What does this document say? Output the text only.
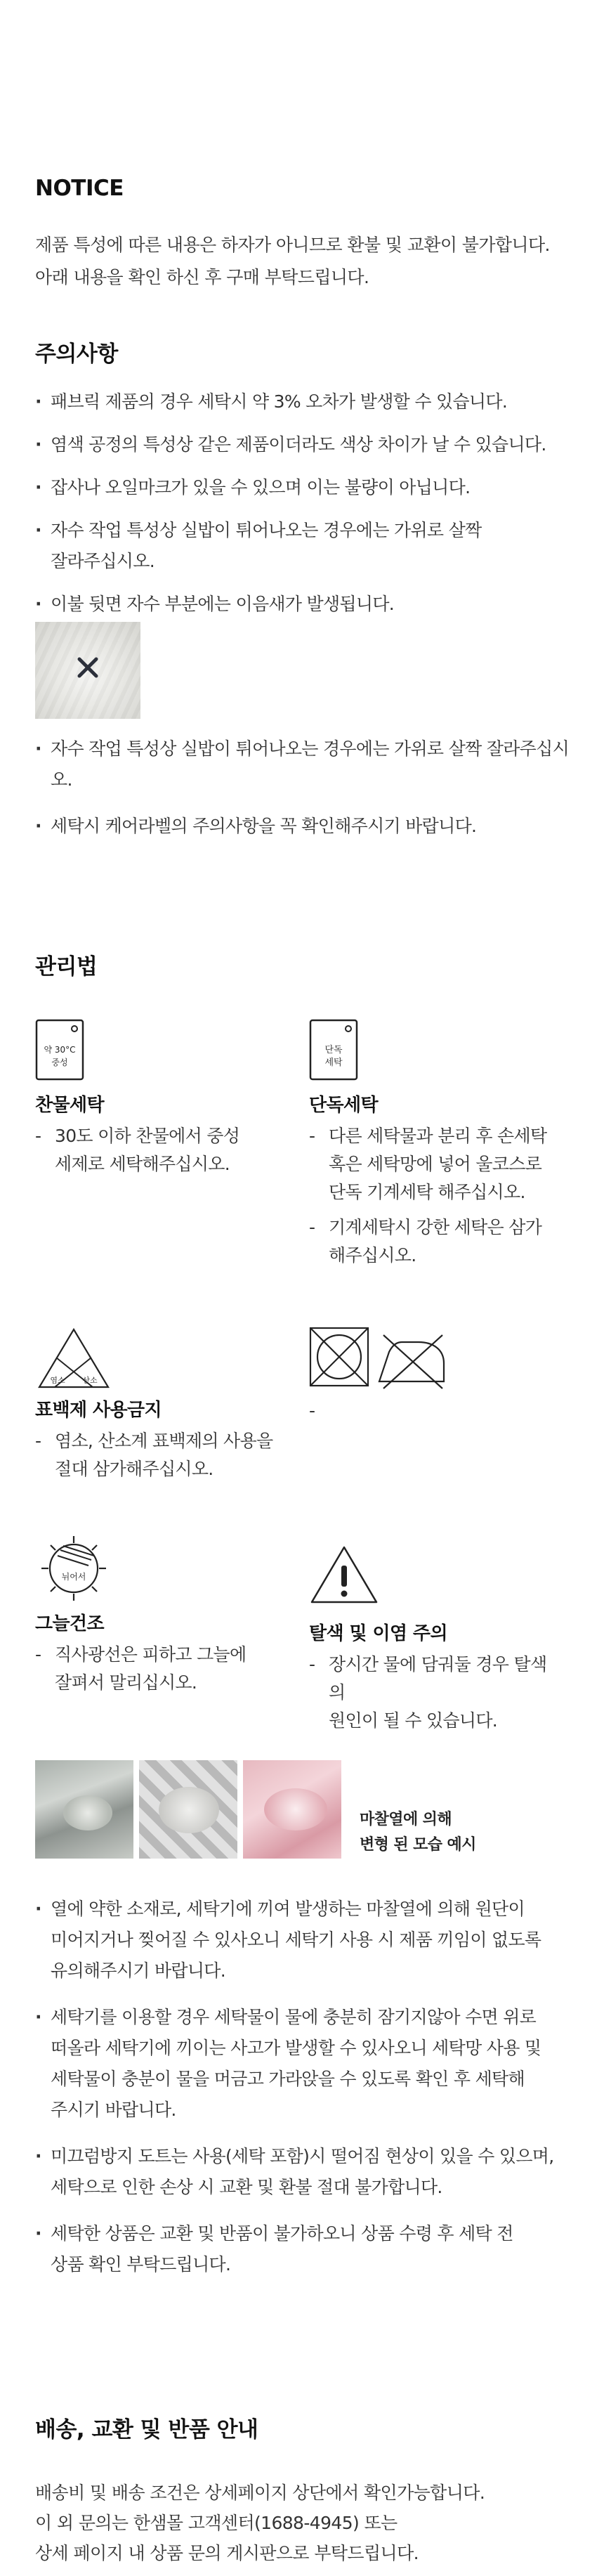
NOTICE
제품 특성에 따른 내용은 하자가 아니므로 환불 및 교환이 불가합니다.
아래 내용을 확인 하신 후 구매 부탁드립니다.
주의사항
· 패브릭 제품의 경우 세탁시 약 3% 오차가 발생할 수 있습니다.
· 염색 공정의 특성상 같은 제품이더라도 색상 차이가 날 수 있습니다.
· 잡사나 오일마크가 있을 수 있으며 이는 불량이 아닙니다.
· 자수 작업 특성상 실밥이 튀어나오는 경우에는 가위로 살짝
잘라주십시오.
· 이불 뒷면 자수 부분에는 이음새가 발생됩니다.
· 자수 작업 특성상 실밥이 튀어나오는 경우에는 가위로 살짝 잘라주십시오.
· 세탁시 케어라벨의 주의사항을 꼭 확인해주시기 바랍니다.
관리법
약 30°C
중성
찬물세탁
- 30도 이하 찬물에서 중성
세제로 세탁해주십시오.
단독
세탁
단독세탁
- 다른 세탁물과 분리 후 손세탁
혹은 세탁망에 넣어 울코스로
단독 기계세탁 해주십시오.
- 기계세탁시 강한 세탁은 삼가
해주십시오.
염소 산소
표백제 사용금지
- 염소, 산소계 표백제의 사용을
절대 삼가해주십시오.
뉘어서
그늘건조
- 직사광선은 피하고 그늘에
잘펴서 말리십시오.
탈색 및 이염 주의
- 장시간 물에 담궈둘 경우 탈색의
원인이 될 수 있습니다.
마찰열에 의해
변형 된 모습 예시
· 열에 약한 소재로, 세탁기에 끼여 발생하는 마찰열에 의해 원단이
미어지거나 찢어질 수 있사오니 세탁기 사용 시 제품 끼임이 없도록
유의해주시기 바랍니다.
· 세탁기를 이용할 경우 세탁물이 물에 충분히 잠기지않아 수면 위로
떠올라 세탁기에 끼이는 사고가 발생할 수 있사오니 세탁망 사용 및
세탁물이 충분이 물을 머금고 가라앉을 수 있도록 확인 후 세탁해
주시기 바랍니다.
· 미끄럼방지 도트는 사용(세탁 포함)시 떨어짐 현상이 있을 수 있으며,
세탁으로 인한 손상 시 교환 및 환불 절대 불가합니다.
· 세탁한 상품은 교환 및 반품이 불가하오니 상품 수령 후 세탁 전
상품 확인 부탁드립니다.
배송, 교환 및 반품 안내
배송비 및 배송 조건은 상세페이지 상단에서 확인가능합니다.
이 외 문의는 한샘몰 고객센터(1688-4945) 또는
상세 페이지 내 상품 문의 게시판으로 부탁드립니다.
